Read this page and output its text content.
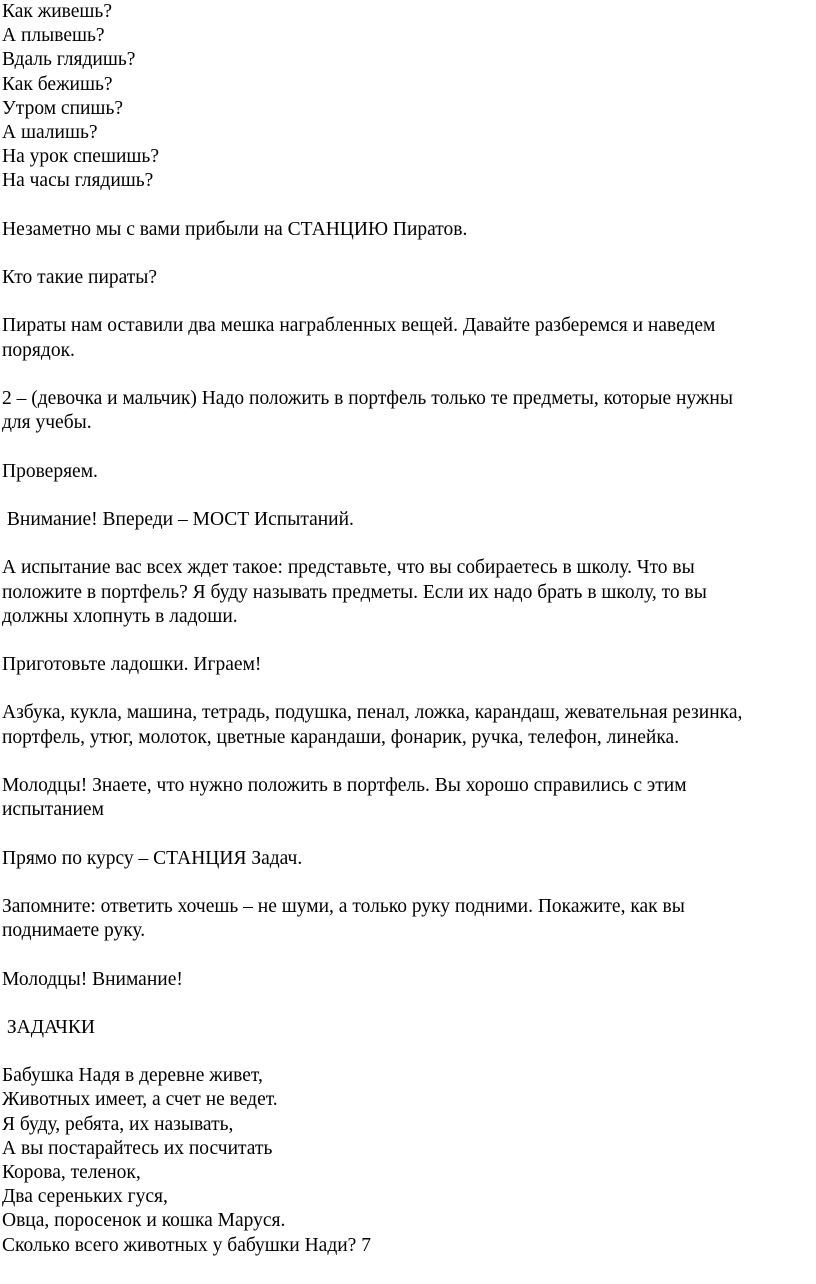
Как живешь?
А плывешь?
Вдаль глядишь?
Как бежишь?
Утром спишь?
А шалишь?
На урок спешишь?
На часы глядишь?
Незаметно мы с вами прибыли на СТАНЦИЮ Пиратов.
Кто такие пираты?
Пираты нам оставили два мешка награбленных вещей. Давайте разберемся и наведем
порядок.
2 – (девочка и мальчик) Надо положить в портфель только те предметы, которые нужны
для учебы.
Проверяем.
Внимание! Впереди – МОСТ Испытаний.
А испытание вас всех ждет такое: представьте, что вы собираетесь в школу. Что вы
положите в портфель? Я буду называть предметы. Если их надо брать в школу, то вы
должны хлопнуть в ладоши.
Приготовьте ладошки. Играем!
Азбука, кукла, машина, тетрадь, подушка, пенал, ложка, карандаш, жевательная резинка,
портфель, утюг, молоток, цветные карандаши, фонарик, ручка, телефон, линейка.
Молодцы! Знаете, что нужно положить в портфель. Вы хорошо справились с этим
испытанием
Прямо по курсу – СТАНЦИЯ Задач.
Запомните: ответить хочешь – не шуми, а только руку подними. Покажите, как вы
поднимаете руку.
Молодцы! Внимание!
ЗАДАЧКИ
Бабушка Надя в деревне живет,
Животных имеет, а счет не ведет.
Я буду, ребята, их называть,
А вы постарайтесь их посчитать
Корова, теленок,
Два сереньких гуся,
Овца, поросенок и кошка Маруся.
Сколько всего животных у бабушки Нади? 7
